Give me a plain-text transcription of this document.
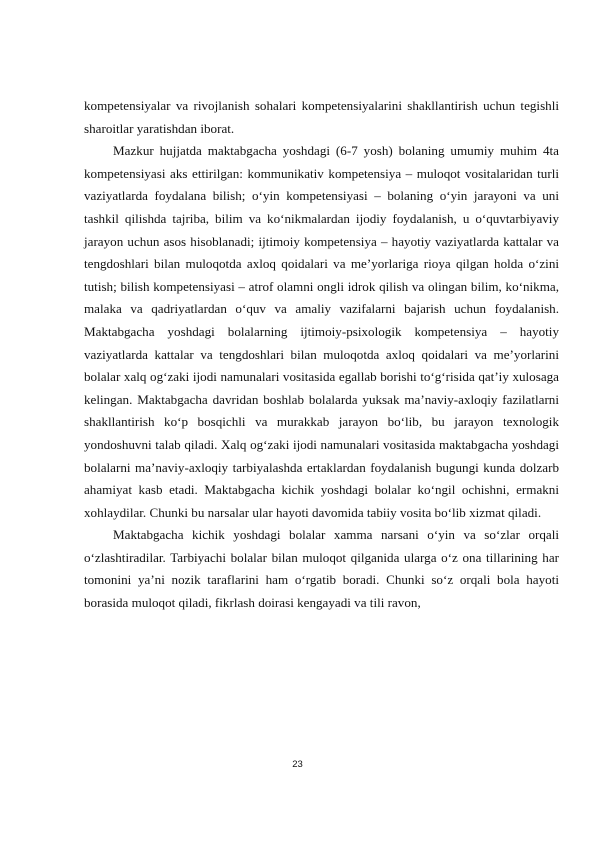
kompetensiyalar va rivojlanish sohalari kompetensiyalarini shakllantirish uchun tegishli sharoitlar yaratishdan iborat.

Mazkur hujjatda maktabgacha yoshdagi (6-7 yosh) bolaning umumiy muhim 4ta kompetensiyasi aks ettirilgan: kommunikativ kompetensiya – muloqot vositalaridan turli vaziyatlarda foydalana bilish; o‘yin kompetensiyasi – bolaning o‘yin jarayoni va uni tashkil qilishda tajriba, bilim va ko‘nikmalardan ijodiy foydalanish, u o‘quvtarbiyaviy jarayon uchun asos hisoblanadi; ijtimoiy kompetensiya – hayotiy vaziyatlarda kattalar va tengdoshlari bilan muloqotda axloq qoidalari va me’yorlariga rioya qilgan holda o‘zini tutish; bilish kompetensiyasi – atrof olamni ongli idrok qilish va olingan bilim, ko‘nikma, malaka va qadriyatlardan o‘quv va amaliy vazifalarni bajarish uchun foydalanish. Maktabgacha yoshdagi bolalarning ijtimoiy-psixologik kompetensiya – hayotiy vaziyatlarda kattalar va tengdoshlari bilan muloqotda axloq qoidalari va me’yorlarini bolalar xalq og‘zaki ijodi namunalari vositasida egallab borishi to‘g‘risida qat’iy xulosaga kelingan. Maktabgacha davridan boshlab bolalarda yuksak ma’naviy-axloqiy fazilatlarni shakllantirish ko‘p bosqichli va murakkab jarayon bo‘lib, bu jarayon texnologik yondoshuvni talab qiladi. Xalq og‘zaki ijodi namunalari vositasida maktabgacha yoshdagi bolalarni ma’naviy-axloqiy tarbiyalashda ertaklardan foydalanish bugungi kunda dolzarb ahamiyat kasb etadi. Maktabgacha kichik yoshdagi bolalar ko‘ngil ochishni, ermakni xohlaydilar. Chunki bu narsalar ular hayoti davomida tabiiy vosita bo‘lib xizmat qiladi.

Maktabgacha kichik yoshdagi bolalar xamma narsani o‘yin va so‘zlar orqali o‘zlashtiradilar. Tarbiyachi bolalar bilan muloqot qilganida ularga o‘z ona tillarining har tomonini ya’ni nozik taraflarini ham o‘rgatib boradi. Chunki so‘z orqali bola hayoti borasida muloqot qiladi, fikrlash doirasi kengayadi va tili ravon,

23
